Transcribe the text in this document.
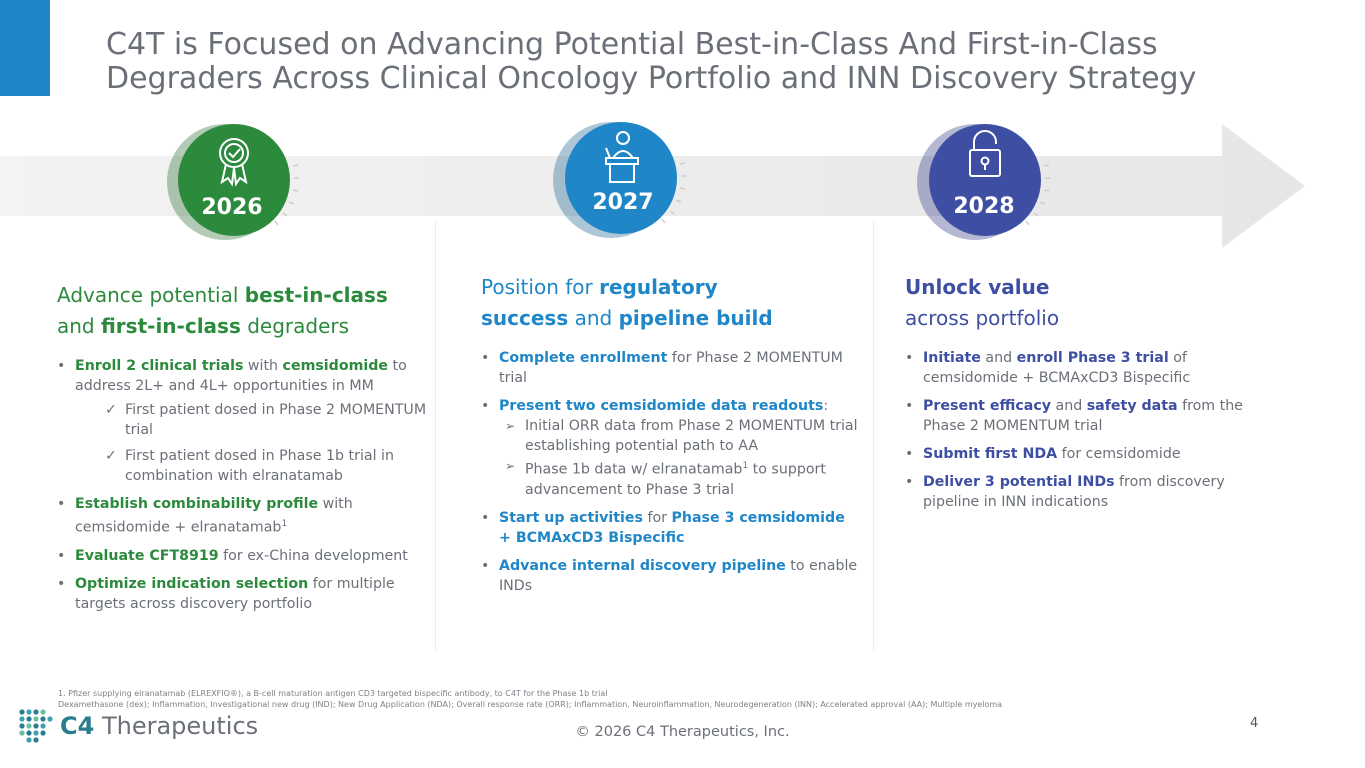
C4T is Focused on Advancing Potential Best-in-Class And First-in-Class
Degraders Across Clinical Oncology Portfolio and INN Discovery Strategy
2026	2027	2028
Advance potential best-in-class
and first-in-class degraders
• Enroll 2 clinical trials with cemsidomide to address 2L+ and 4L+ opportunities in MM
✓ First patient dosed in Phase 2 MOMENTUM trial
✓ First patient dosed in Phase 1b trial in combination with elranatamab
• Establish combinability profile with cemsidomide + elranatamab$^1$
• Evaluate CFT8919 for ex-China development
• Optimize indication selection for multiple targets across discovery portfolio
Position for regulatory
success and pipeline build
• Complete enrollment for Phase 2 MOMENTUM trial
• Present two cemsidomide data readouts:
➢ Initial ORR data from Phase 2 MOMENTUM trial establishing potential path to AA
➢ Phase 1b data w/ elranatamab$^1$ to support advancement to Phase 3 trial
• Start up activities for Phase 3 cemsidomide + BCMAxCD3 Bispecific
• Advance internal discovery pipeline to enable INDs
Unlock value
across portfolio
• Initiate and enroll Phase 3 trial of cemsidomide + BCMAxCD3 Bispecific
• Present efficacy and safety data from the Phase 2 MOMENTUM trial
• Submit first NDA for cemsidomide
• Deliver 3 potential INDs from discovery pipeline in INN indications
1. Pfizer supplying elranatamab (ELREXFIO®), a B-cell maturation antigen CD3 targeted bispecific antibody, to C4T for the Phase 1b trial
Dexamethasone (dex); Inflammation, Investigational new drug (IND); New Drug Application (NDA); Overall response rate (ORR); Inflammation, Neuroinflammation, Neurodegeneration (INN); Accelerated approval (AA); Multiple myeloma
C4 Therapeutics	© 2026 C4 Therapeutics, Inc.
4
